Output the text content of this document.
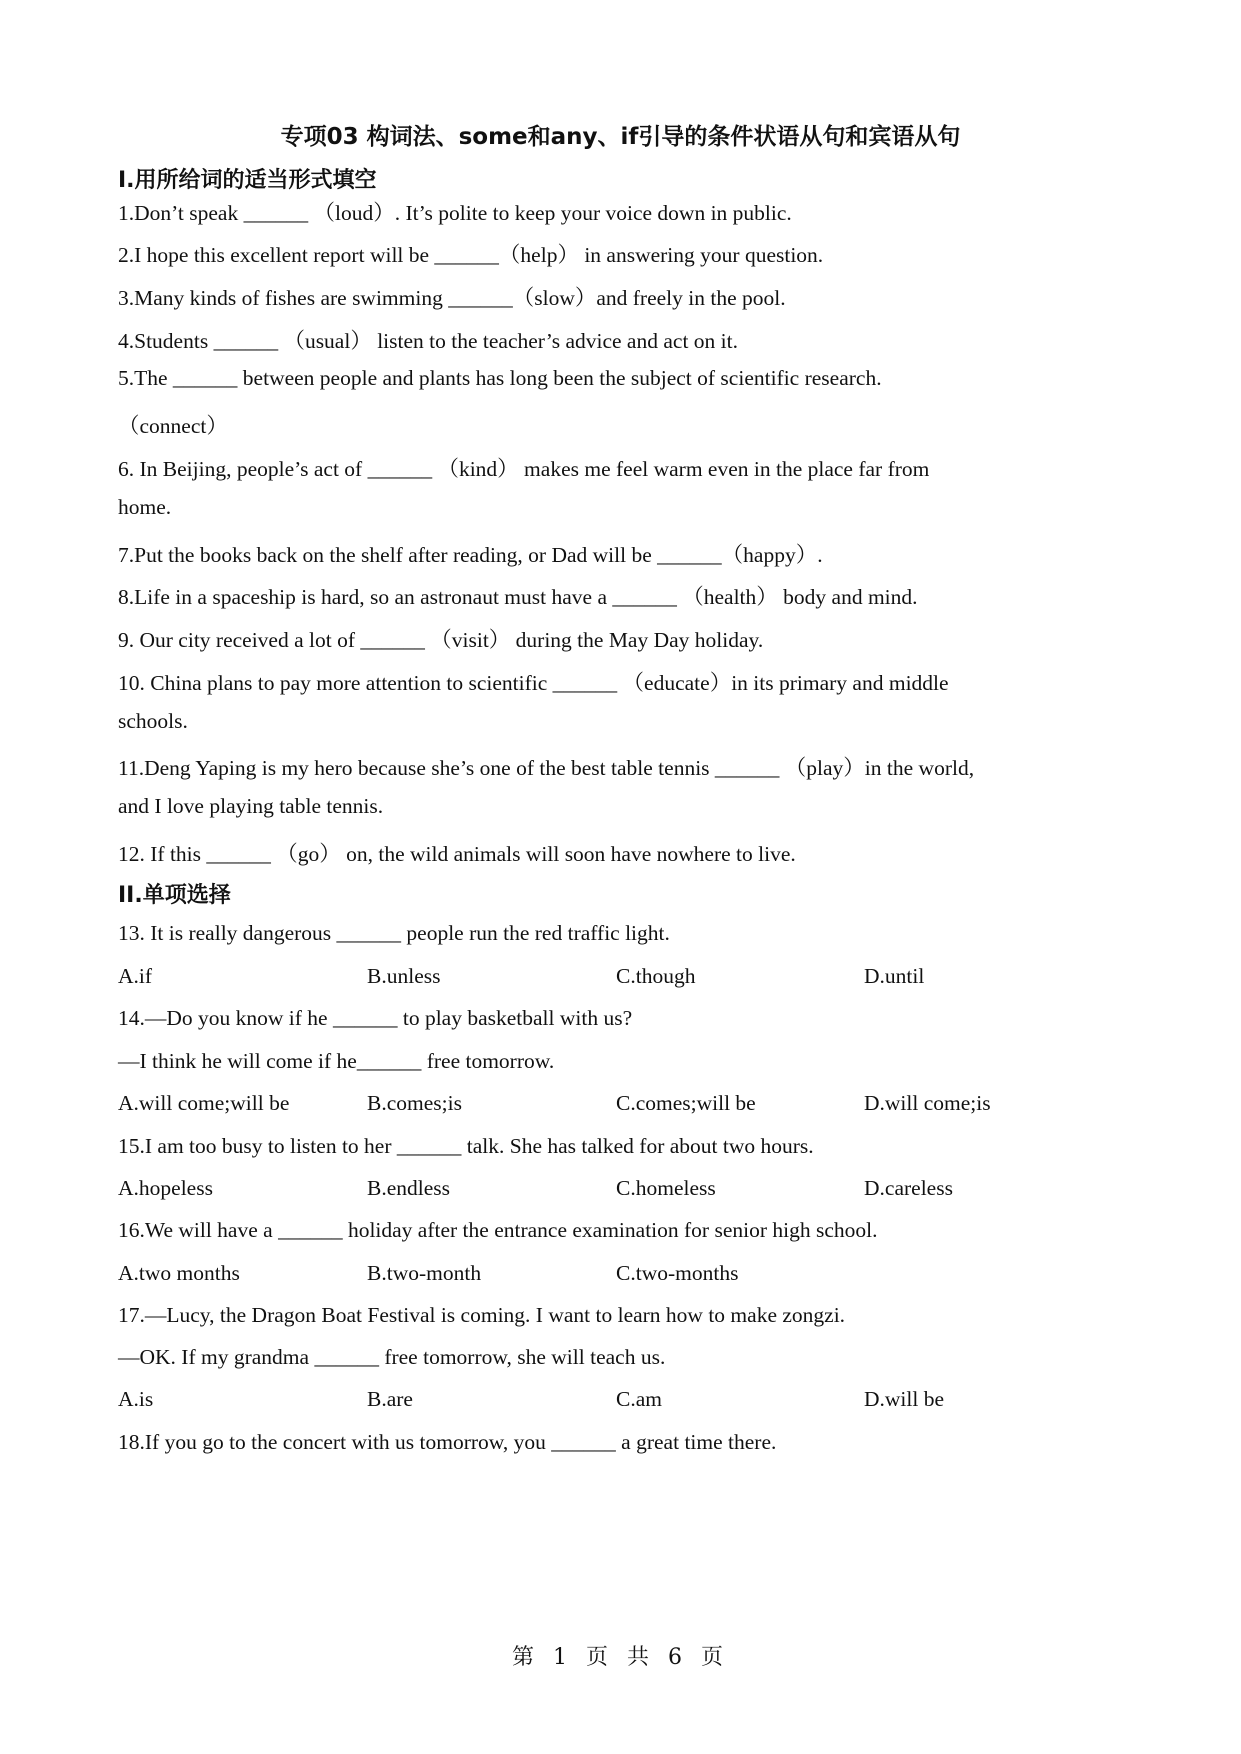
专项03 构词法、some和any、if引导的条件状语从句和宾语从句
I.用所给词的适当形式填空
1.Don’t speak ______ （loud）. It’s polite to keep your voice down in public.
2.I hope this excellent report will be ______（help） in answering your question.
3.Many kinds of fishes are swimming ______（slow）and freely in the pool.
4.Students ______ （usual） listen to the teacher’s advice and act on it.
5.The ______ between people and plants has long been the subject of scientific research.
（connect）
6. In Beijing, people’s act of ______ （kind） makes me feel warm even in the place far from
home.
7.Put the books back on the shelf after reading, or Dad will be ______（happy）.
8.Life in a spaceship is hard, so an astronaut must have a ______ （health） body and mind.
9. Our city received a lot of ______ （visit） during the May Day holiday.
10. China plans to pay more attention to scientific ______ （educate）in its primary and middle
schools.
11.Deng Yaping is my hero because she’s one of the best table tennis ______ （play）in the world,
and I love playing table tennis.
12. If this ______ （go） on, the wild animals will soon have nowhere to live.
II.单项选择
13. It is really dangerous ______ people run the red traffic light.
A.if	B.unless	C.though	D.until
14.—Do you know if he ______ to play basketball with us?
—I think he will come if he______ free tomorrow.
A.will come;will be	B.comes;is	C.comes;will be	D.will come;is
15.I am too busy to listen to her ______ talk. She has talked for about two hours.
A.hopeless	B.endless	C.homeless	D.careless
16.We will have a ______ holiday after the entrance examination for senior high school.
A.two months	B.two-month	C.two-months
17.—Lucy, the Dragon Boat Festival is coming. I want to learn how to make zongzi.
—OK. If my grandma ______ free tomorrow, she will teach us.
A.is	B.are	C.am	D.will be
18.If you go to the concert with us tomorrow, you ______ a great time there.
第 1 页 共 6 页
